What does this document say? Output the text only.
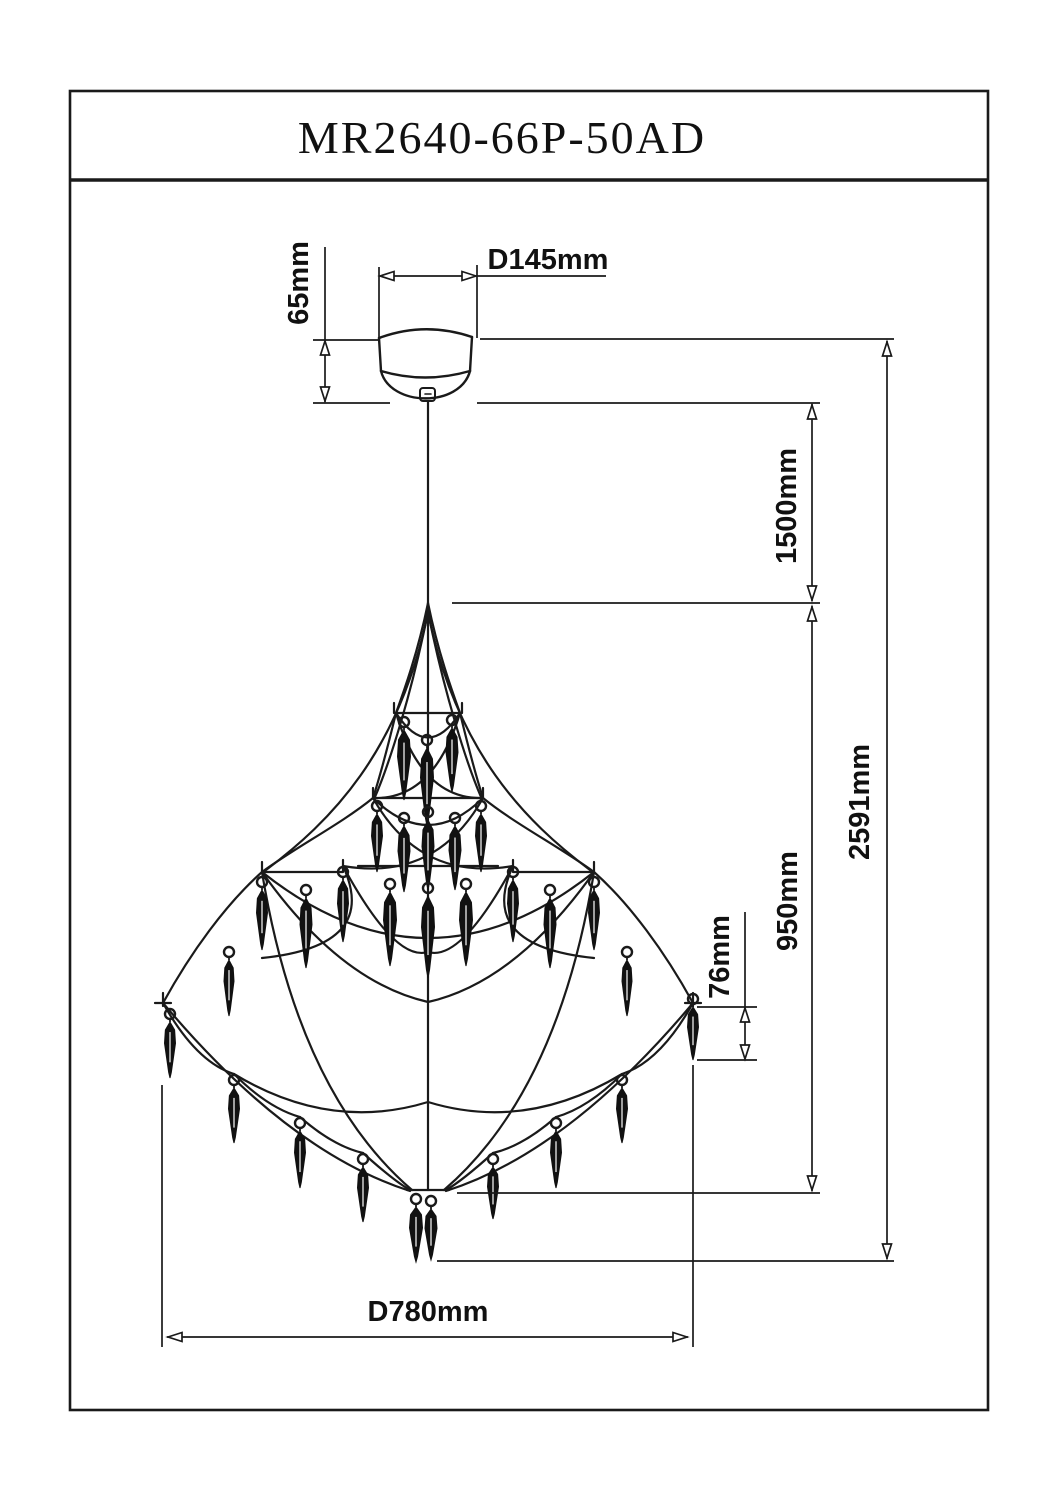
MR2640-66P-50AD
65mm	D145mm
1500mm
2591mm
950mm
76mm
D780mm
